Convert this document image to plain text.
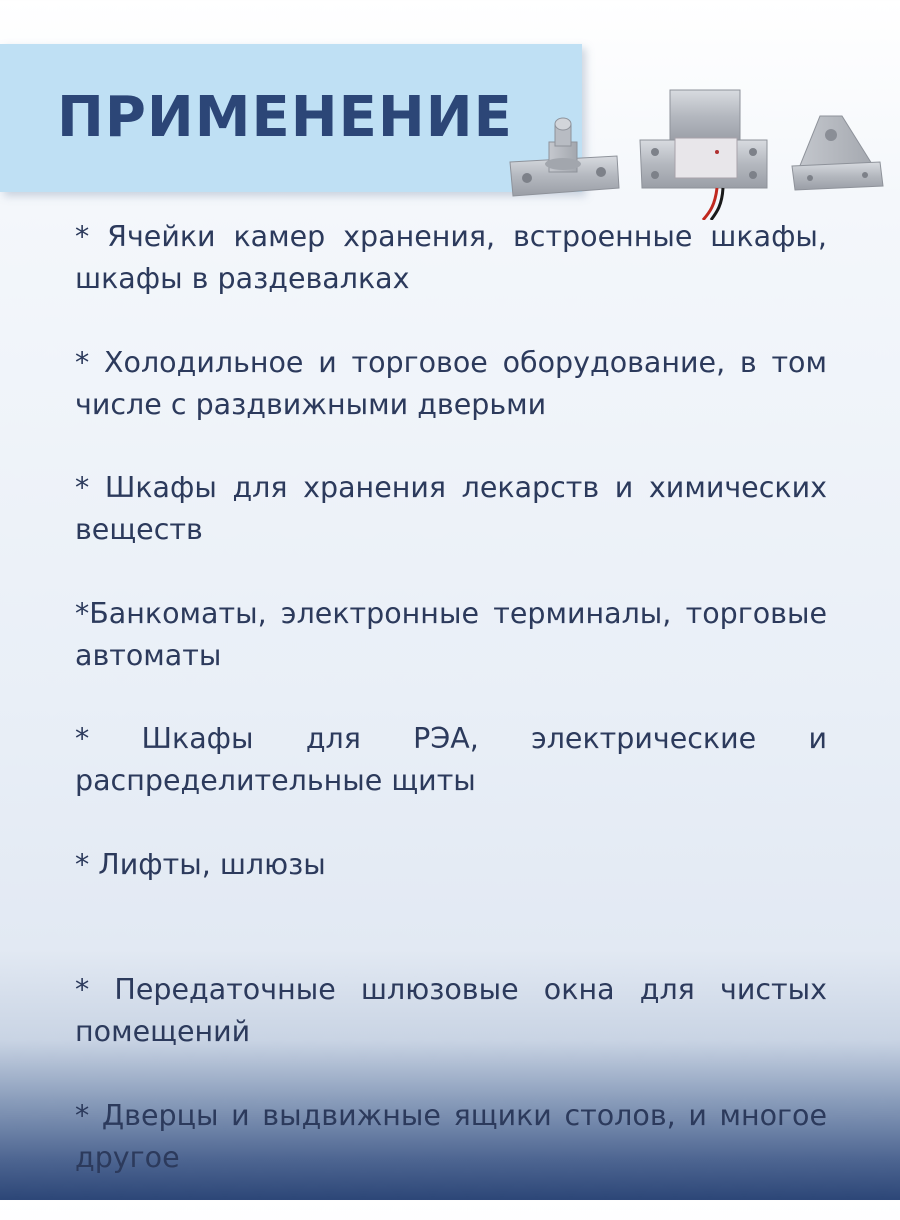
ПРИМЕНЕНИЕ
* Ячейки камер хранения, встроенные шкафы, шкафы в раздевалках
* Холодильное и торговое оборудование, в том числе с раздвижными дверьми
* Шкафы для хранения лекарств и химических веществ
*Банкоматы, электронные терминалы, торговые автоматы
* Шкафы для РЭА, электрические и распределительные щиты
* Лифты, шлюзы
* Передаточные шлюзовые окна для чистых помещений
* Дверцы и выдвижные ящики столов, и многое другое
